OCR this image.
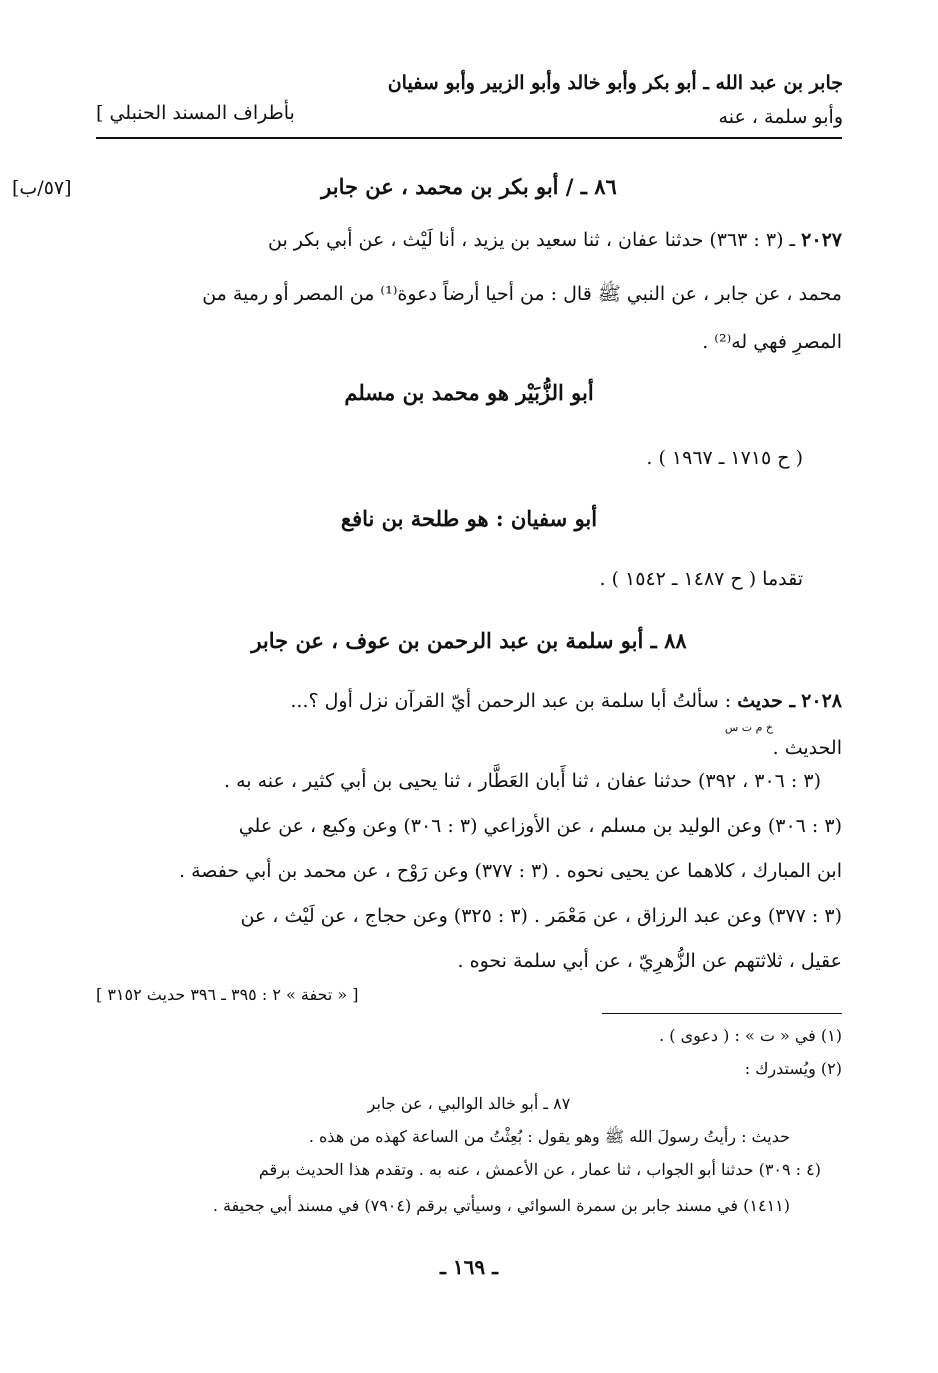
جابر بن عبد الله ـ أبو بكر وأبو خالد وأبو الزبير وأبو سفيان
وأبو سلمة ، عنه
بأطراف المسند الحنبلي ]
[٥٧/ب]	٨٦ ـ / أبو بكر بن محمد ، عن جابر
٢٠٢٧ ـ (٣ : ٣٦٣) حدثنا عفان ، ثنا سعيد بن يزيد ، أنا لَيْث ، عن أبي بكر بن
محمد ، عن جابر ، عن النبي ﷺ قال : من أحيا أرضاً دعوة⁽¹⁾ من المصر أو رمية من
المصرِ فهي له⁽²⁾ .
أبو الزُّبَيْر هو محمد بن مسلم
( ح ١٧١٥ ـ ١٩٦٧ ) .
أبو سفيان : هو طلحة بن نافع
تقدما ( ح ١٤٨٧ ـ ١٥٤٢ ) .
٨٨ ـ أبو سلمة بن عبد الرحمن بن عوف ، عن جابر
٢٠٢٨ ـ حديث : سألتُ أبا سلمة بن عبد الرحمن أيّ القرآن نزل أول ؟...
خ م ت س
الحديث .
(٣ : ٣٠٦ ، ٣٩٢) حدثنا عفان ، ثنا أَبان العَطَّار ، ثنا يحيى بن أبي كثير ، عنه به .
(٣ : ٣٠٦) وعن الوليد بن مسلم ، عن الأوزاعي (٣ : ٣٠٦) وعن وكيع ، عن علي
ابن المبارك ، كلاهما عن يحيى نحوه . (٣ : ٣٧٧) وعن رَوْح ، عن محمد بن أبي حفصة .
(٣ : ٣٧٧) وعن عبد الرزاق ، عن مَعْمَر . (٣ : ٣٢٥) وعن حجاج ، عن لَيْث ، عن
عقيل ، ثلاثتهم عن الزُّهرِيّ ، عن أبي سلمة نحوه .
[ « تحفة » ٢ : ٣٩٥ ـ ٣٩٦ حديث ٣١٥٢ ]
(١) في « ت » : ( دعوى ) .
(٢) ويُستدرك :
٨٧ ـ أبو خالد الوالبي ، عن جابر
حديث : رأيتُ رسولَ الله ﷺ وهو يقول : بُعِثْتُ من الساعة كهذه من هذه .
(٤ : ٣٠٩) حدثنا أبو الجواب ، ثنا عمار ، عن الأعمش ، عنه به . وتقدم هذا الحديث برقم
(١٤١١) في مسند جابر بن سمرة السوائي ، وسيأتي برقم (٧٩٠٤) في مسند أبي جحيفة .
ـ ١٦٩ ـ
